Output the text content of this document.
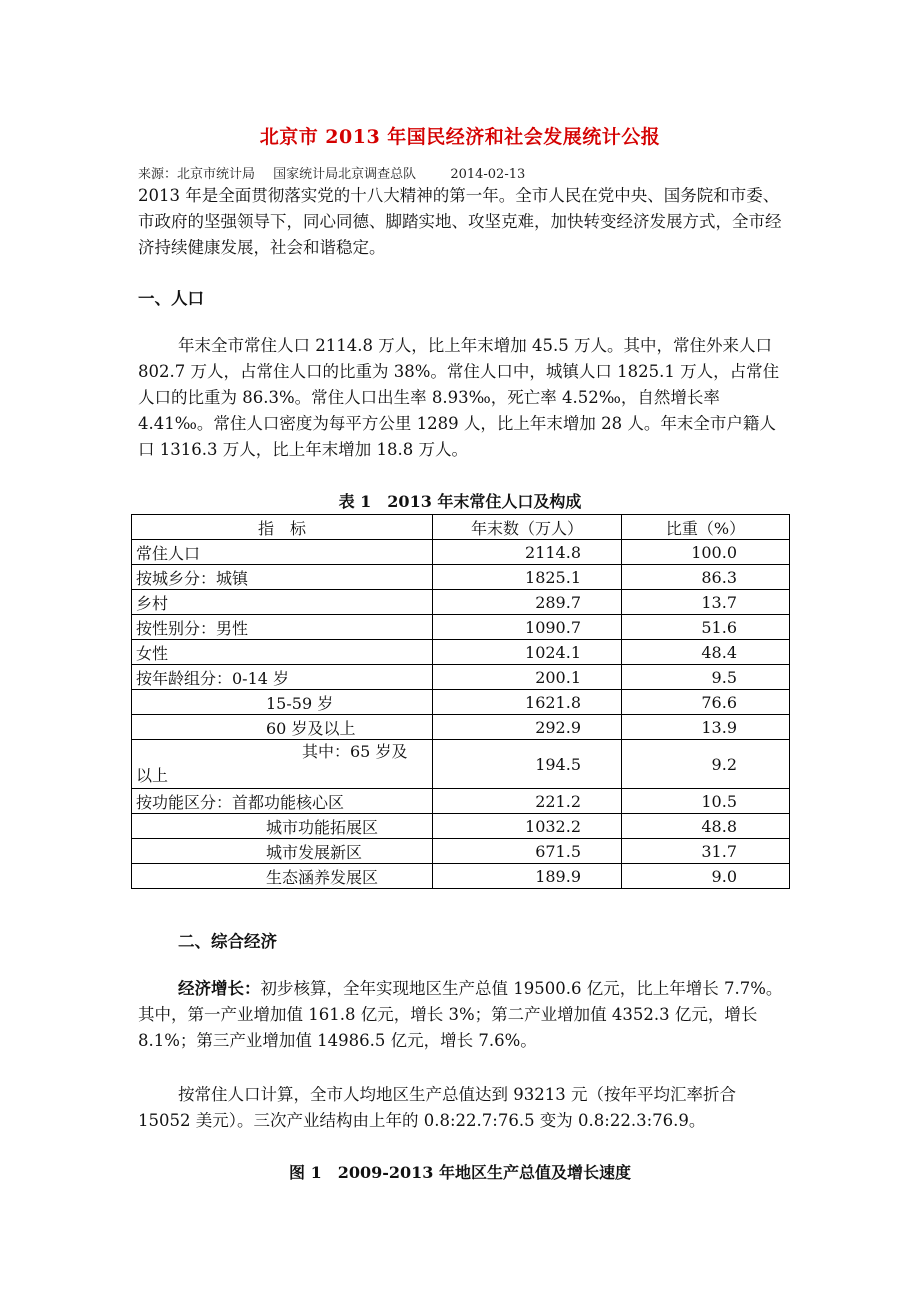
北京市 2013 年国民经济和社会发展统计公报
来源：北京市统计局 国家统计局北京调查总队	2014-02-13
2013 年是全面贯彻落实党的十八大精神的第一年。全市人民在党中央、国务院和市委、市政府的坚强领导下，同心同德、脚踏实地、攻坚克难，加快转变经济发展方式，全市经济持续健康发展，社会和谐稳定。
一、人口
年末全市常住人口 2114.8 万人，比上年末增加 45.5 万人。其中，常住外来人口 802.7 万人，占常住人口的比重为 38%。常住人口中，城镇人口 1825.1 万人，占常住人口的比重为 86.3%。常住人口出生率 8.93‰，死亡率 4.52‰，自然增长率 4.41‰。常住人口密度为每平方公里 1289 人，比上年末增加 28 人。年末全市户籍人口 1316.3 万人，比上年末增加 18.8 万人。
表 1　2013 年末常住人口及构成
指　标	年末数（万人）	比重（%）
常住人口	2114.8	100.0
按城乡分：城镇	1825.1	86.3
乡村	289.7	13.7
按性别分：男性	1090.7	51.6
女性	1024.1	48.4
按年龄组分：0-14 岁	200.1	9.5
15-59 岁	1621.8	76.6
60 岁及以上	292.9	13.9

其中：65 岁及
以上	194.5	9.2
按功能区分：首都功能核心区	221.2	10.5
城市功能拓展区	1032.2	48.8
城市发展新区	671.5	31.7
生态涵养发展区	189.9	9.0
二、综合经济
经济增长：初步核算，全年实现地区生产总值 19500.6 亿元，比上年增长 7.7%。其中，第一产业增加值 161.8 亿元，增长 3%；第二产业增加值 4352.3 亿元，增长 8.1%；第三产业增加值 14986.5 亿元，增长 7.6%。
按常住人口计算，全市人均地区生产总值达到 93213 元（按年平均汇率折合 15052 美元）。三次产业结构由上年的 0.8:22.7:76.5 变为 0.8:22.3:76.9。
图 1　2009-2013 年地区生产总值及增长速度
